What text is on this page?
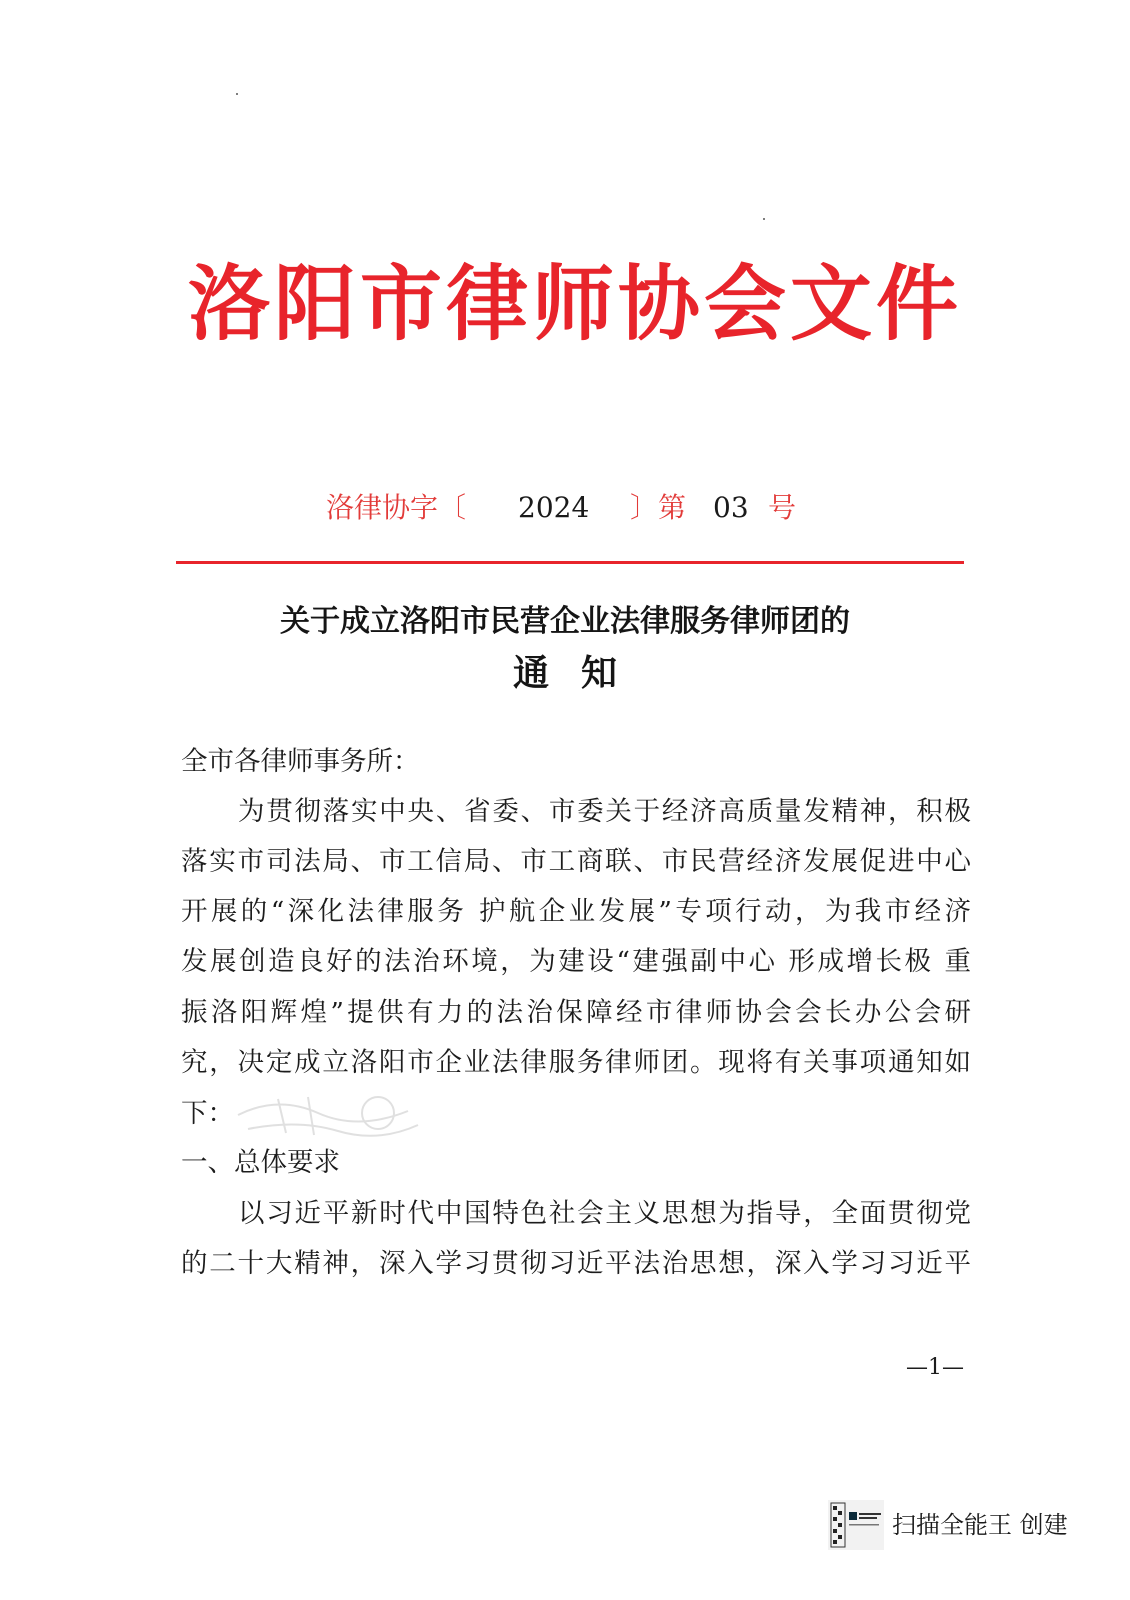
洛阳市律师协会文件
洛律协字〔 2024 〕第 03 号
关于成立洛阳市民营企业法律服务律师团的
通知
全市各律师事务所：
为贯彻落实中央、省委、市委关于经济高质量发精神，积极
落实市司法局、市工信局、市工商联、市民营经济发展促进中心
开展的“深化法律服务 护航企业发展”专项行动，为我市经济
发展创造良好的法治环境，为建设“建强副中心 形成增长极 重
振洛阳辉煌”提供有力的法治保障经市律师协会会长办公会研
究，决定成立洛阳市企业法律服务律师团。现将有关事项通知如
下：
一、总体要求
以习近平新时代中国特色社会主义思想为指导，全面贯彻党
的二十大精神，深入学习贯彻习近平法治思想，深入学习习近平
—1—
扫描全能王 创建
